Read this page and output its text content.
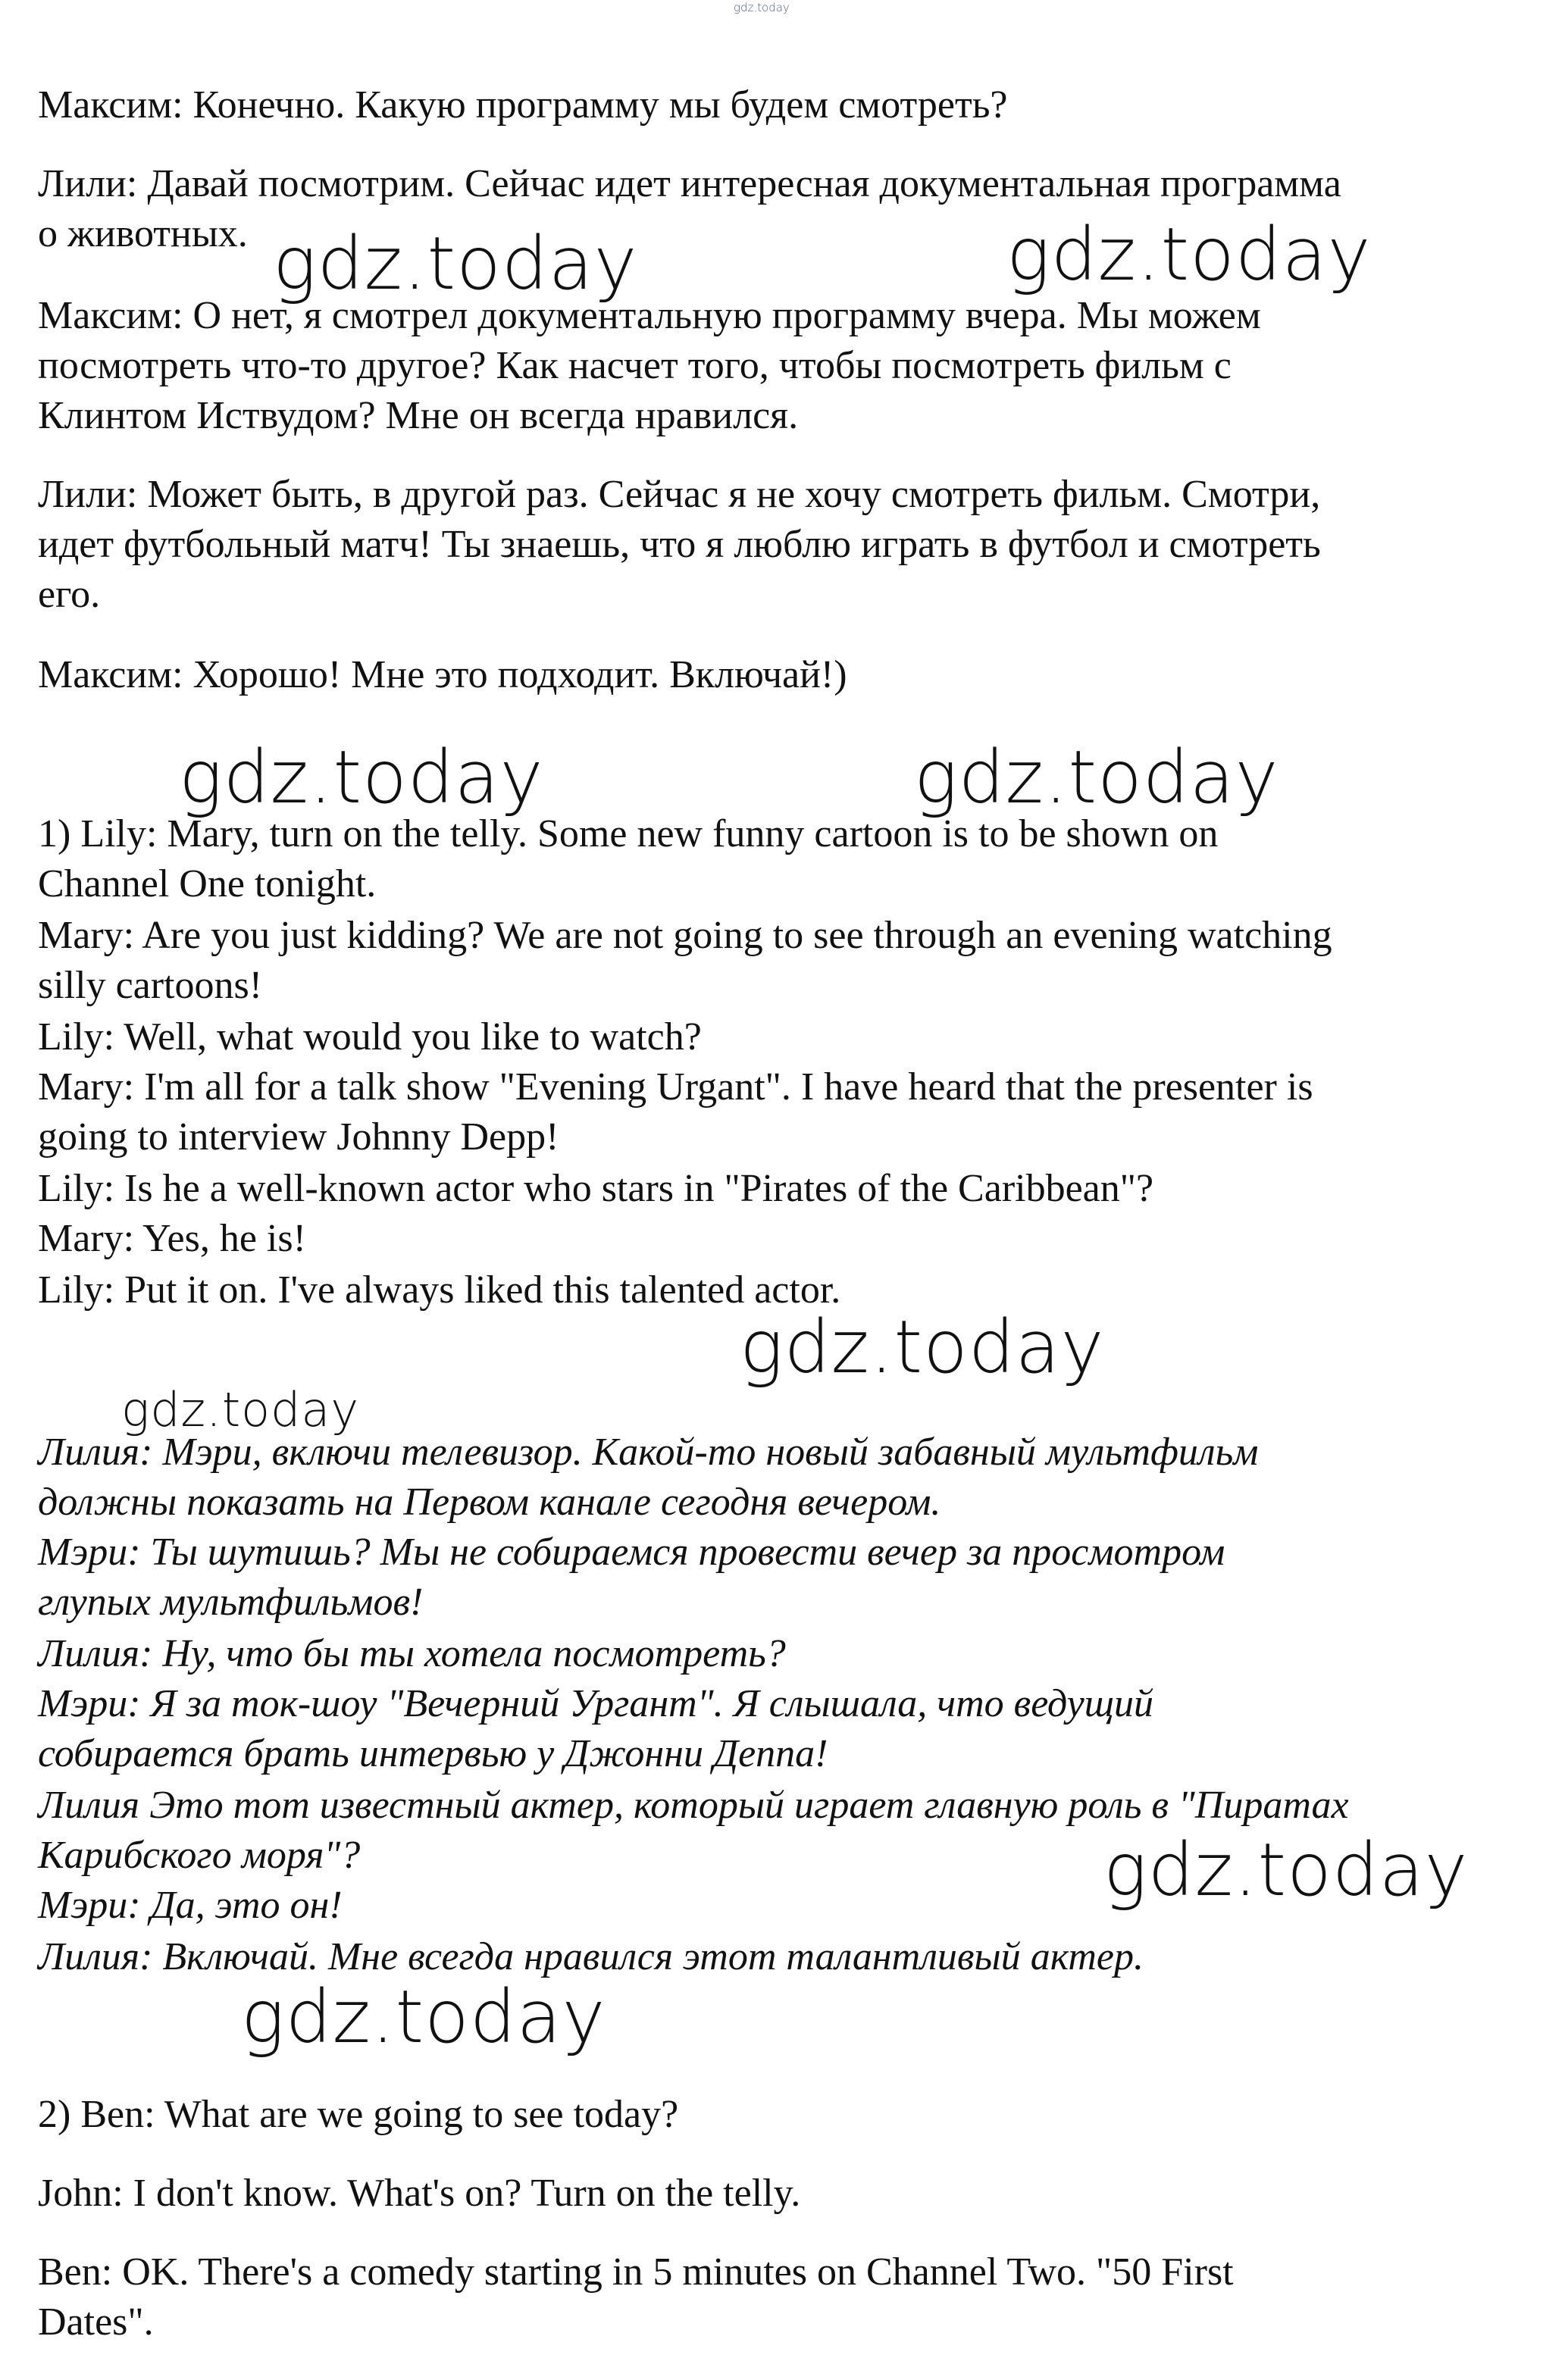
gdz.today
Максим: Конечно. Какую программу мы будем смотреть?
Лили: Давай посмотрим. Сейчас идет интересная документальная программа
о животных.
Максим: О нет, я смотрел документальную программу вчера. Мы можем
посмотреть что-то другое? Как насчет того, чтобы посмотреть фильм с
Клинтом Иствудом? Мне он всегда нравился.
Лили: Может быть, в другой раз. Сейчас я не хочу смотреть фильм. Смотри,
идет футбольный матч! Ты знаешь, что я люблю играть в футбол и смотреть
его.
Максим: Хорошо! Мне это подходит. Включай!)
1) Lily: Mary, turn on the telly. Some new funny cartoon is to be shown on
Channel One tonight.
Mary: Are you just kidding? We are not going to see through an evening watching
silly cartoons!
Lily: Well, what would you like to watch?
Mary: I'm all for a talk show "Evening Urgant". I have heard that the presenter is
going to interview Johnny Depp!
Lily: Is he a well-known actor who stars in "Pirates of the Caribbean"?
Mary: Yes, he is!
Lily: Put it on. I've always liked this talented actor.
Лилия: Мэри, включи телевизор. Какой-то новый забавный мультфильм
должны показать на Первом канале сегодня вечером.
Мэри: Ты шутишь? Мы не собираемся провести вечер за просмотром
глупых мультфильмов!
Лилия: Ну, что бы ты хотела посмотреть?
Мэри: Я за ток-шоу "Вечерний Ургант". Я слышала, что ведущий
собирается брать интервью у Джонни Деппа!
Лилия Это тот известный актер, который играет главную роль в "Пиратах
Карибского моря"?
Мэри: Да, это он!
Лилия: Включай. Мне всегда нравился этот талантливый актер.
2) Ben: What are we going to see today?
John: I don't know. What's on? Turn on the telly.
Ben: OK. There's a comedy starting in 5 minutes on Channel Two. "50 First
Dates".
gdz.today	gdz.today
gdz.today	gdz.today
gdz.today
gdz.today
gdz.today
gdz.today
